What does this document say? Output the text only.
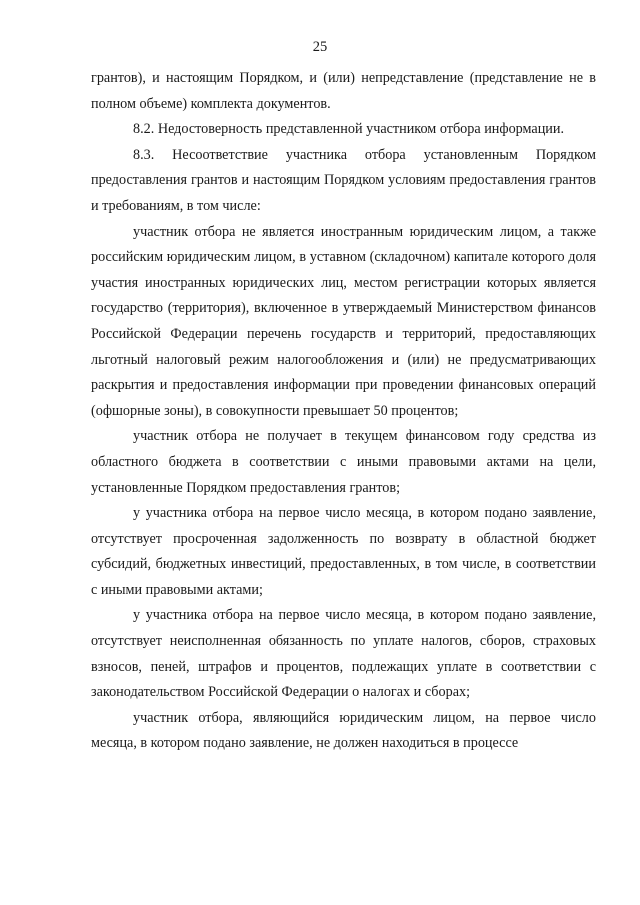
25

грантов), и настоящим Порядком, и (или) непредставление (представление не в полном объеме) комплекта документов.

8.2. Недостоверность представленной участником отбора информации.

8.3. Несоответствие участника отбора установленным Порядком предоставления грантов и настоящим Порядком условиям предоставления грантов и требованиям, в том числе:

участник отбора не является иностранным юридическим лицом, а также российским юридическим лицом, в уставном (складочном) капитале которого доля участия иностранных юридических лиц, местом регистрации которых является государство (территория), включенное в утверждаемый Министерством финансов Российской Федерации перечень государств и территорий, предоставляющих льготный налоговый режим налогообложения и (или) не предусматривающих раскрытия и предоставления информации при проведении финансовых операций (офшорные зоны), в совокупности превышает 50 процентов;

участник отбора не получает в текущем финансовом году средства из областного бюджета в соответствии с иными правовыми актами на цели, установленные Порядком предоставления грантов;

у участника отбора на первое число месяца, в котором подано заявление, отсутствует просроченная задолженность по возврату в областной бюджет субсидий, бюджетных инвестиций, предоставленных, в том числе, в соответствии с иными правовыми актами;

у участника отбора на первое число месяца, в котором подано заявление, отсутствует неисполненная обязанность по уплате налогов, сборов, страховых взносов, пеней, штрафов и процентов, подлежащих уплате в соответствии с законодательством Российской Федерации о налогах и сборах;

участник отбора, являющийся юридическим лицом, на первое число месяца, в котором подано заявление, не должен находиться в процессе
